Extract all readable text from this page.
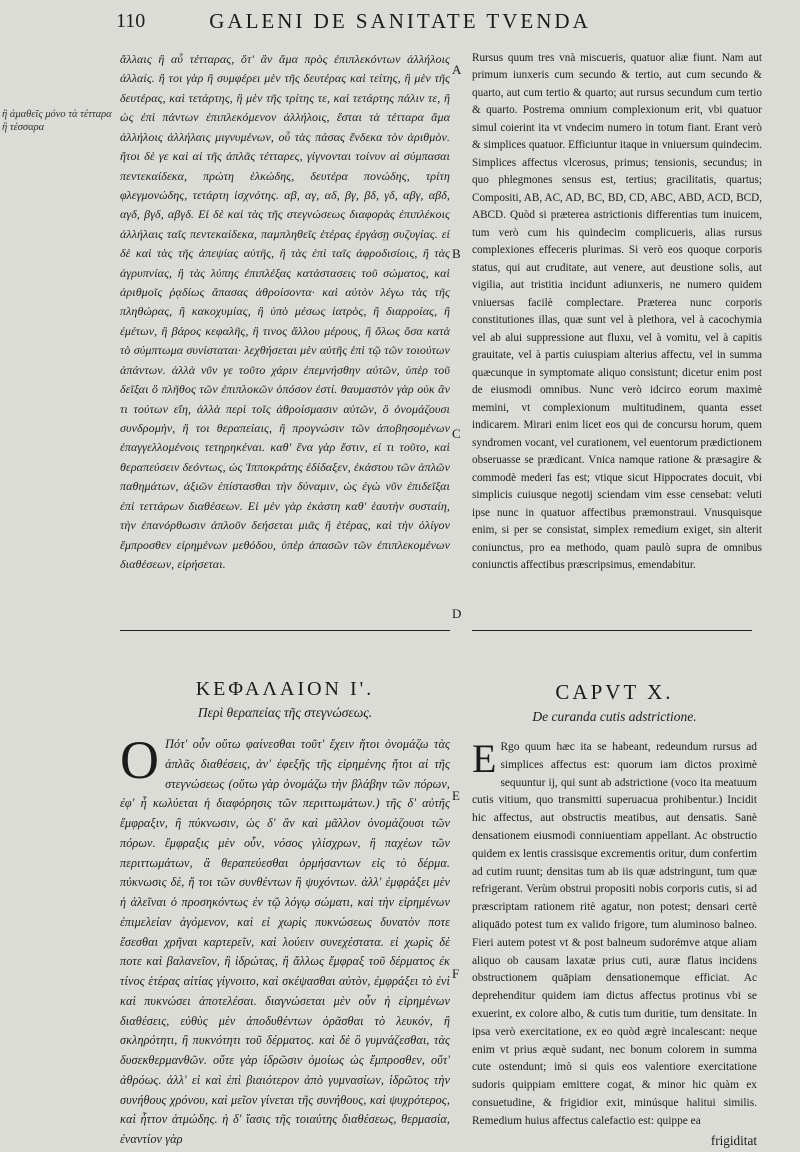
110	GALENI DE SANITATE TVENDA
ἢ ἀμαθεῖς μόνο τὰ τέτταρα ἢ τέσσαρα
ἄλλαις ἢ αὖ τέτταρας, ὅτ' ἂν ἅμα πρὸς ἐπιπλεκόντων ἀλλήλοις ἀλλαίς. ἢ τοι γὰρ ἢ συμφέρει μὲν τῆς δευτέρας καὶ τείτης, ἢ μὲν τῆς δευτέρας, καὶ τετάρτης, ἢ μὲν τῆς τρίτης τε, καὶ τετάρτης πάλιν τε, ἢ ὡς ἐπὶ πάντων ἐπιπλεκόμενον ἀλλήλοις, ἔσται τὰ τέτταρα ἅμα ἀλλήλοις ἀλλήλαις μιγνυμένων, οὗ τὰς πάσας ἕνδεκα τὸν ἀριθμὸν. ἤτοι δὲ γε καὶ αἱ τῆς ἁπλᾶς τέτταρες, γίγνονται τοίνυν αἱ σύμπασαι πεντεκαίδεκα, πρώτη ἑλκώδης, δευτέρα πονώδης, τρίτη φλεγμονώδης, τετάρτη ἰσχνότης. αβ, αγ, αδ, βγ, βδ, γδ, αβγ, αβδ, αγδ, βγδ, αβγδ. Εἰ δὲ καὶ τὰς τῆς στεγνώσεως διαφορὰς ἐπιπλέκοις ἀλλήλαις ταῖς πεντεκαίδεκα, παμπληθεῖς ἑτέρας ἐργάσῃ συζυγίας. εἰ δὲ καὶ τὰς τῆς ἀπεψίας αὐτῆς, ἢ τὰς ἐπὶ ταῖς ἀφροδισίοις, ἢ τὰς ἀγρυπνίας, ἢ τὰς λύπης ἐπιπλέξας κατάστασεις τοῦ σώματος, καὶ ἀριθμοῖς ῥᾳδίως ἅπασας ἀθροίσοντα· καὶ αὐτὸν λέγω τὰς τῆς πληθώρας, ἢ κακοχυμίας, ἢ ὑπὸ μέσως ἰατρὸς, ἢ διαρροίας, ἢ ἐμέτων, ἢ βάρος κεφαλῆς, ἢ τινος ἄλλου μέρους, ἢ ὅλως ὅσα κατὰ τὸ σύμπτωμα συνίσταται· λεχθήσεται μὲν αὐτῆς ἑπὶ τῷ τῶν τοιούτων ἁπάντων. ἀλλὰ νῦν γε τοῦτο χάριν ἐπεμνήσθην αὐτῶν, ὑπὲρ τοῦ δεῖξαι ὃ πλῆθος τῶν ἐπιπλοκῶν ὁπόσον ἐστί. θαυμαστὸν γὰρ οὐκ ἂν τι τούτων εἴη, ἀλλὰ περὶ τοῖς ἀθροίσμασιν αὐτῶν, ὃ ὀνομάζουσι συνδρομὴν, ἢ τοι θεραπείαις, ἢ προγνώσιν τῶν ἀποβησομένων ἐπαγγελλομένοις τετηρηκέναι. καθ' ἓνα γὰρ ἔστιν, εἰ τι τοῦτο, καὶ θεραπεύσειν δεόντως, ὡς Ἱπποκράτης ἐδίδαξεν, ἑκάστου τῶν ἁπλῶν παθημάτων, ἀξιῶν ἐπίστασθαι τὴν δύναμιν, ὡς ἐγὼ νῦν ἐπιδεῖξαι ἐπὶ τεττάρων διαθέσεων. Εἰ μὲν γὰρ ἑκάστη καθ' ἑαυτὴν συσταίη, τὴν ἐπανόρθωσιν ἁπλοῦν δεήσεται μιᾶς ἢ ἑτέρας, καὶ τὴν ὀλίγον ἔμπροσθεν εἰρημένων μεθόδου, ὑπὲρ ἁπασῶν τῶν ἐπιπλεκομένων διαθέσεων, εἰρήσεται.
ΚΕΦΑΛΑΙΟΝ Ι'.
Περὶ θεραπείας τῆς στεγνώσεως.
Ο Πότ' οὖν οὕτω φαίνεσθαι τοῦτ' ἔχειν ἤτοι ὀνομάζω τὰς ἁπλᾶς διαθέσεις, ἀν' ἐφεξῆς τῆς εἰρημένης ἤτοι αἱ τῆς στεγνώσεως (οὕτω γὰρ ὀνομάζω τὴν βλάβην τῶν πόρων, ἐφ' ἧ κωλύεται ἡ διαφόρησις τῶν περιττωμάτων.) τῆς δ' αὐτῆς ἔμφραξιν, ἢ πύκνωσιν, ὡς δ' ἂν καὶ μᾶλλον ὀνομάζουσι τῶν πόρων. ἔμφραξις μὲν οὖν, νόσος γλίσχρων, ἢ παχέων τῶν περιττωμάτων, ἃ θεραπεύεσθαι ὁρμήσαντων εἰς τὸ δέρμα. πύκνωσις δὲ, ἤ τοι τῶν συνθέντων ἢ ψυχόντων. ἀλλ' ἐμφράξει μὲν ἡ ἀλεῖναι ὁ προσηκόντως ἐν τῷ λόγῳ σώματι, καὶ τὴν εἰρημένων ἐπιμελείαν ἀγόμενον, καὶ εἰ χωρὶς πυκνώσεως δυνατὸν ποτε ἔσεσθαι χρῆναι καρτερεῖν, καὶ λούειν συνεχέστατα. εἰ χωρὶς δὲ ποτε καὶ βαλανεῖον, ἢ ἱδρώτας, ἢ ἄλλως ἔμφραξ τοῦ δέρματος ἐκ τίνος ἑτέρας αἰτίας γίγνοιτο, καὶ σκέψασθαι αὐτὸν, ἐμφράξει τὸ ἐνὶ καὶ πυκνώσει ἀποτελέσαι. διαγνώσεται μὲν οὖν ἡ εἰρημένων διαθέσεις, εὐθὺς μὲν ἀποδυθέντων ὁρᾶσθαι τὸ λευκόν, ἢ σκληρότητι, ἢ πυκνότητι τοῦ δέρματος. καὶ δὲ ὃ γυμνάζεσθαι, τὰς δυσεκθερμανθῶν. οὔτε γὰρ ἱδρῶσιν ὁμοίως ὡς ἔμπροσθεν, οὔτ' ἀθρόως. ἀλλ' εἰ καὶ ἐπὶ βιαιότερον ἀπὸ γυμνασίων, ἱδρῶτος τὴν συνήθους χρόνου, καὶ μεῖον γίνεται τῆς συνήθους, καὶ ψυχρότερος, καὶ ἧττον ἀτμώδης. ἡ δ' ἴασις τῆς τοιαύτης διαθέσεως, θερμασία, ἐναντίον γὰρ
A
B
C
D
E
F
Rursus quum tres vnà miscueris, quatuor aliæ fiunt. Nam aut primum iunxeris cum secundo & tertio, aut cum secundo & quarto, aut cum tertio & quarto; aut rursus secundum cum tertio & quarto. Postrema omnium complexionum erit, vbi quatuor simul coierint ita vt vndecim numero in totum fiant. Erant verò & simplices quatuor. Efficiuntur itaque in vniuersum quindecim. Simplices affectus vlcerosus, primus; tensionis, secundus; in quo phlegmones sensus est, tertius; gracilitatis, quartus; Compositi, AB, AC, AD, BC, BD, CD, ABC, ABD, ACD, BCD, ABCD. Quòd si præterea astrictionis differentias tum inuicem, tum verò cum his quindecim complicueris, alias rursus complexiones effeceris plurimas. Si verò eos quoque corporis status, qui aut cruditate, aut venere, aut deustione solis, aut vigilia, aut tristitia incidunt adiunxeris, ne numero quidem vniuersas facilè complectare. Præterea nunc corporis constitutiones illas, quæ sunt vel à plethora, vel à cacochymia vel ab alui suppressione aut fluxu, vel à vomitu, vel à capitis grauitate, vel à partis cuiuspiam alterius affectu, vel in summa quæcunque in symptomate aliquo consistunt; dicetur enim post de eiusmodi omnibus. Nunc verò idcirco eorum maximè memini, vt complexionum multitudinem, quanta esset indicarem. Mirari enim licet eos qui de concursu horum, quem syndromen vocant, vel curationem, vel euentorum prædictionem obseruasse se prædicant. Vnica namque ratione & præsagire & commodè mederi fas est; vtique sicut Hippocrates docuit, vbi simplicis cuiusque negotij sciendam vim esse censebat: veluti ipse nunc in quatuor affectibus præmonstraui. Vnusquisque enim, si per se consistat, simplex remedium exiget, sin alterit coniunctus, pro ea methodo, quam paulò supra de omnibus coniunctis affectibus præscripsimus, emendabitur.
CAPVT X.
De curanda cutis adstrictione.
E Rgo quum hæc ita se habeant, redeundum rursus ad simplices affectus est: quorum iam dictos proximè sequuntur ij, qui sunt ab adstrictione (voco ita meatuum cutis vitium, quo transmitti superuacua prohibentur.) Incidit hic affectus, aut obstructis meatibus, aut densatis. Sanè densationem eiusmodi conniuentiam appellant. Ac obstructio quidem ex lentis crassisque excrementis oritur, dum confertim ad cutim ruunt; densitas tum ab iis quæ adstringunt, tum quæ refrigerant. Verùm obstrui propositi nobis corporis cutis, si ad præscriptam rationem ritè agatur, non potest; densari certè aliquādo potest tum ex valido frigore, tum aluminoso balneo. Fieri autem potest vt & post balneum sudorémve atque aliam aliquo ob causam laxatæ prius cuti, auræ flatus incidens obstructionem quāpiam densationemque efficiat. Ac deprehenditur quidem iam dictus affectus protinus vbi se exuerint, ex colore albo, & cutis tum duritie, tum densitate. In ipsa verò exercitatione, ex eo quòd ægrè incalescant: neque enim vt prius æquè sudant, nec bonum colorem in summa cute ostendunt; imò si quis eos valentiore exercitatione sudoris quippiam emittere cogat, & minor hic quàm ex consuetudine, & frigidior exit, minúsque halitui similis. Remedium huius affectus calefactio est: quippe ea
frigiditat
